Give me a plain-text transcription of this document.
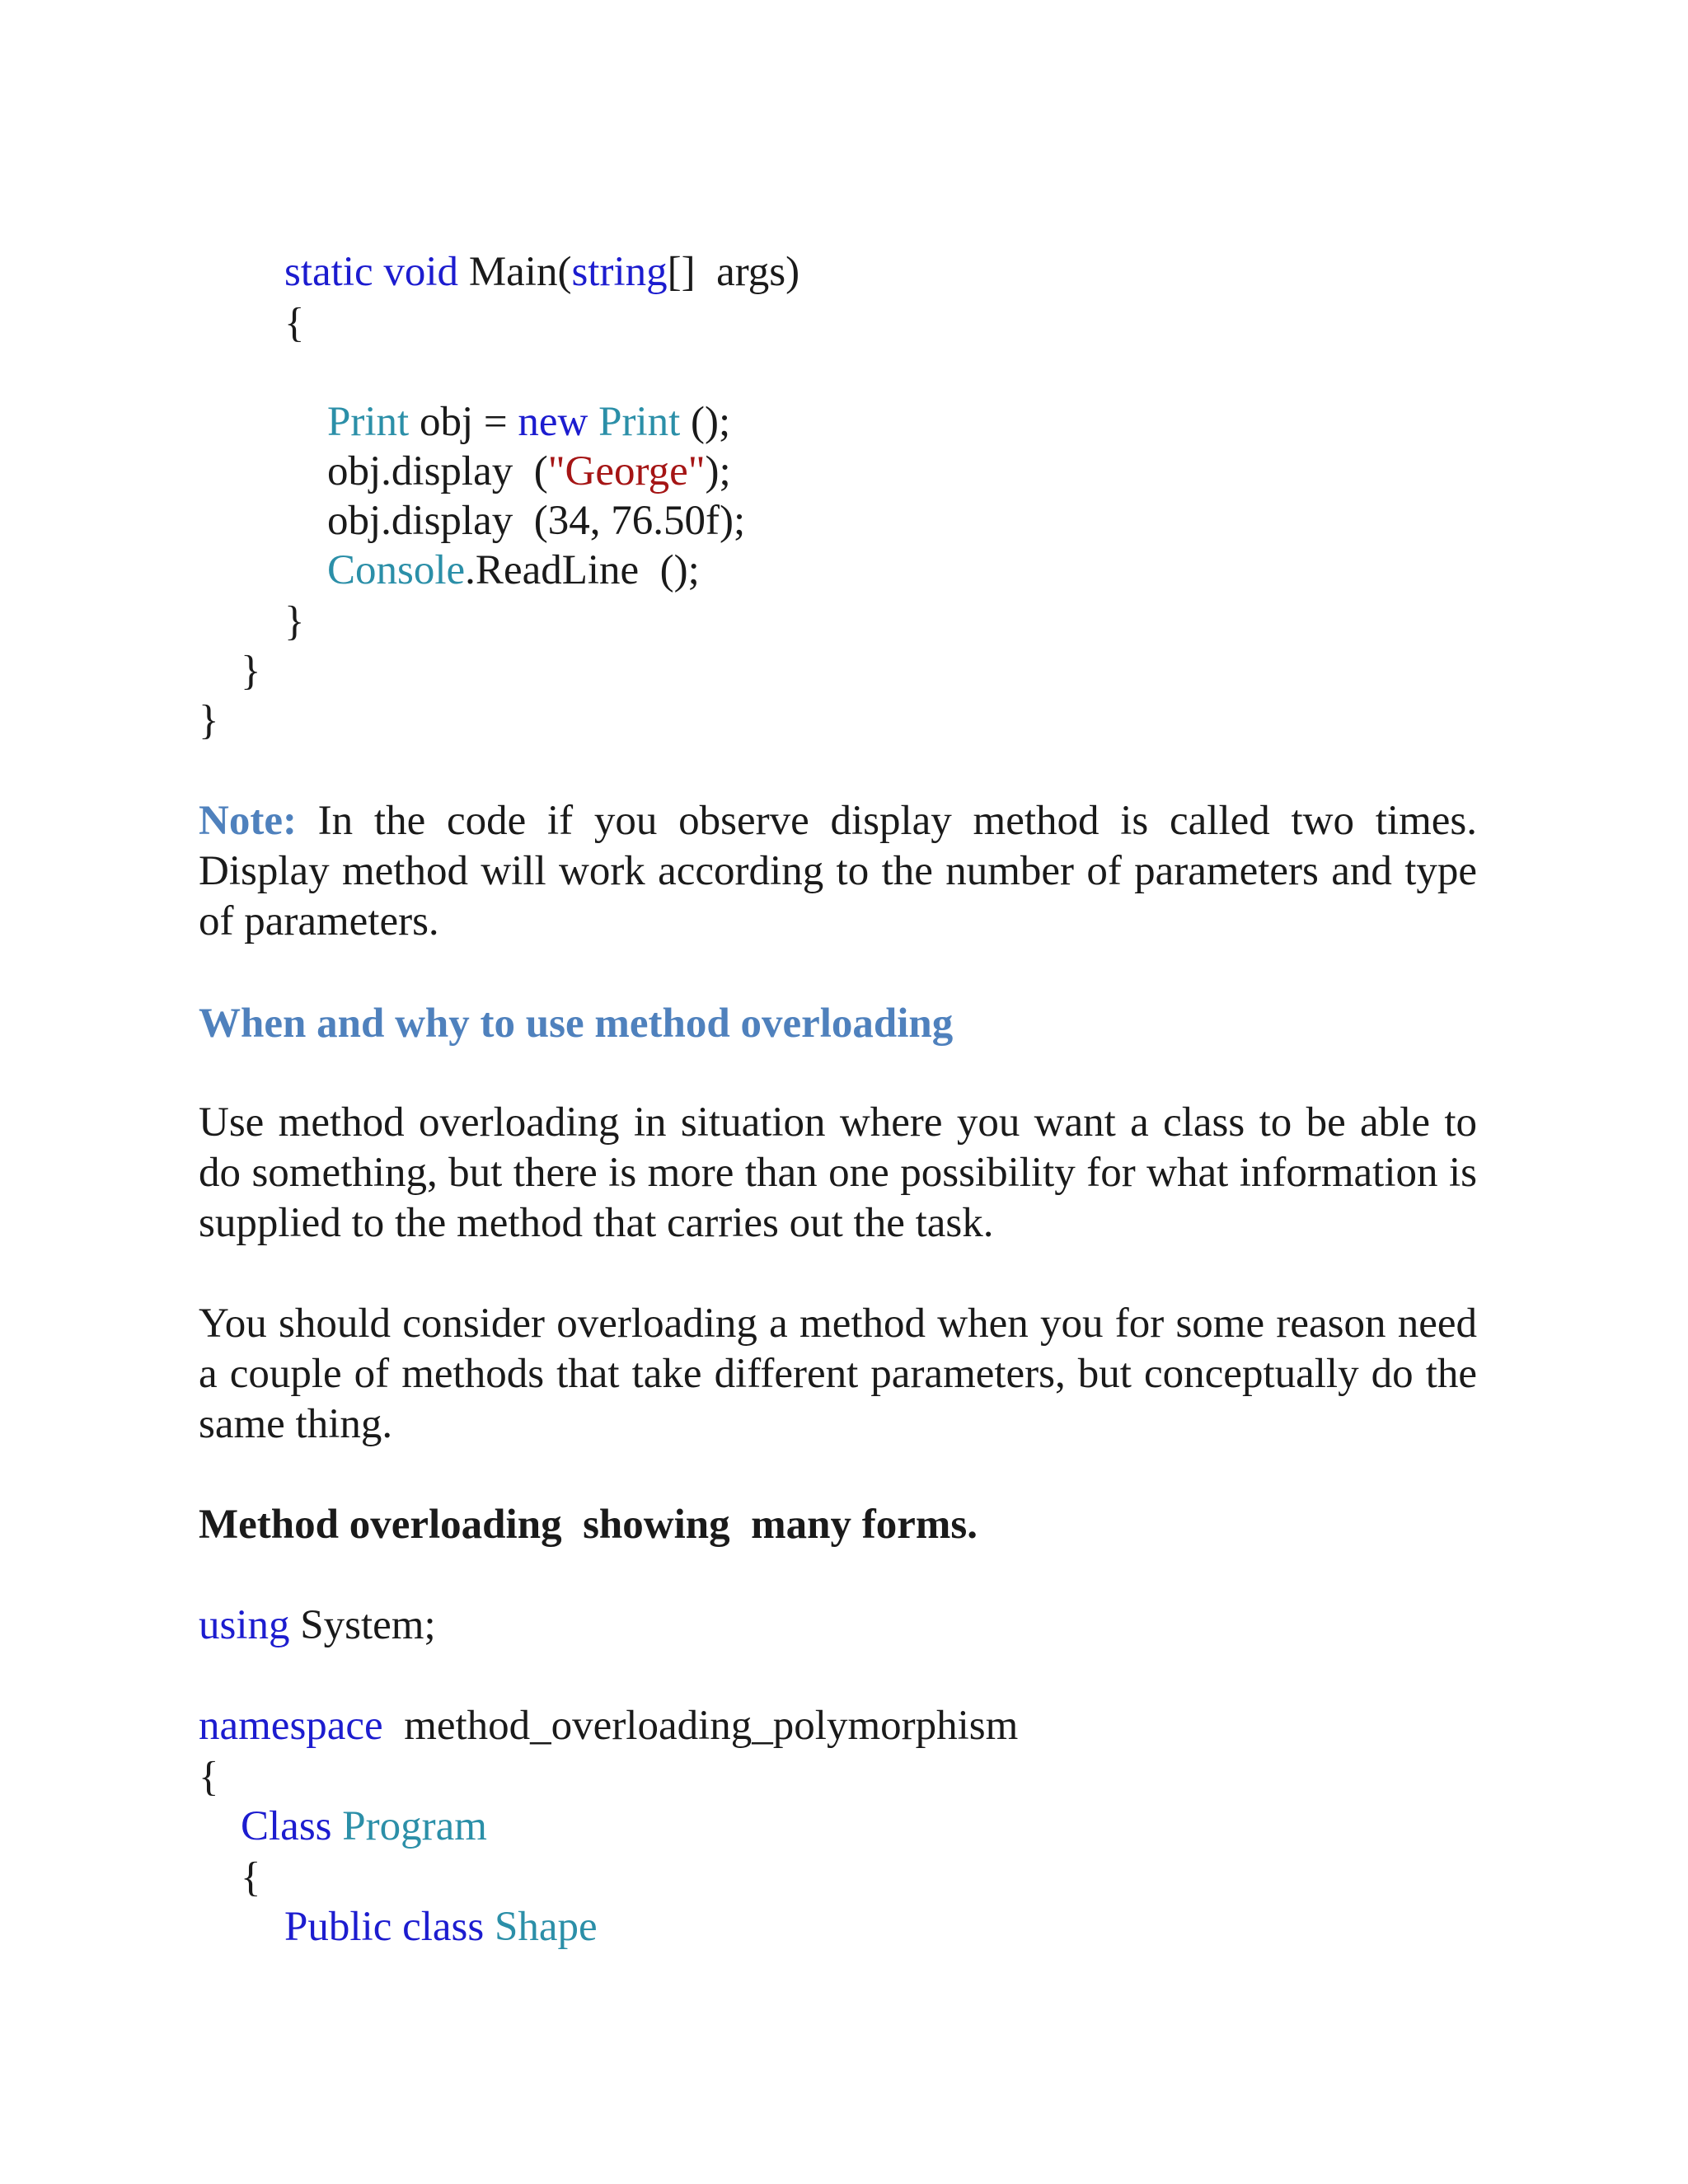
static void Main(string[]  args)
{
Print obj = new Print ();
obj.display  ("George");
obj.display  (34, 76.50f);
Console.ReadLine  ();
}
}
}

Note: In the code if you observe display method is called two times. Display method will work according to the number of parameters and type of parameters.

When and why to use method overloading

Use method overloading in situation where you want a class to be able to do something, but there is more than one possibility for what information is supplied to the method that carries out the task.

You should consider overloading a method when you for some reason need a couple of methods that take different parameters, but conceptually do the same thing.

Method overloading  showing  many forms.
using System;
namespace  method_overloading_polymorphism
{
Class Program
{
Public class Shape
